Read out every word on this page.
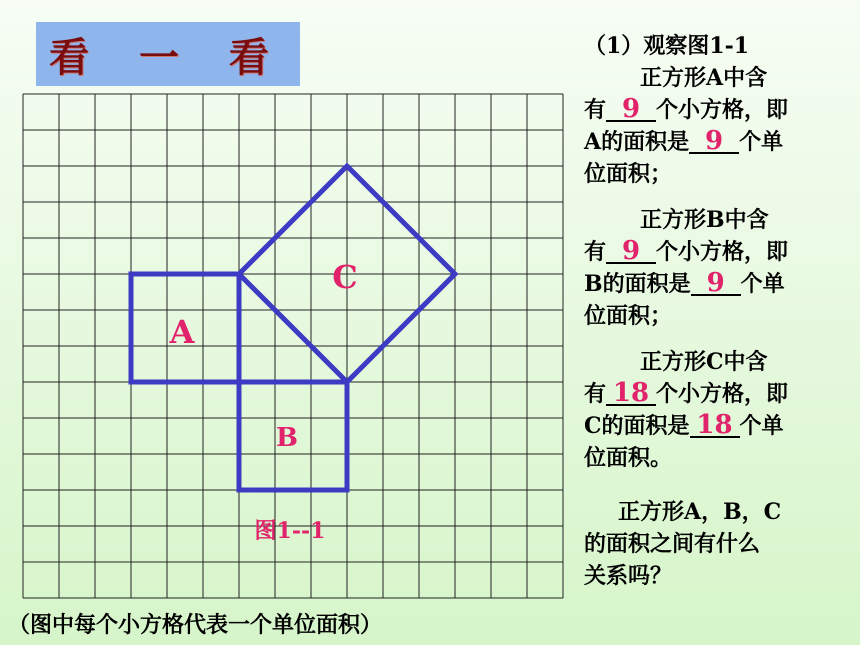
看 一 看
A
B
C
图1--1
（1）观察图1-1
正方形A中含
有 9 个小方格，即
A的面积是 9 个单
位面积；
正方形B中含
有 9 个小方格，即
B的面积是 9 个单
位面积；
正方形C中含
有 18 个小方格，即
C的面积是 18 个单
位面积。
正方形A，B，C
的面积之间有什么
关系吗？
（图中每个小方格代表一个单位面积）
